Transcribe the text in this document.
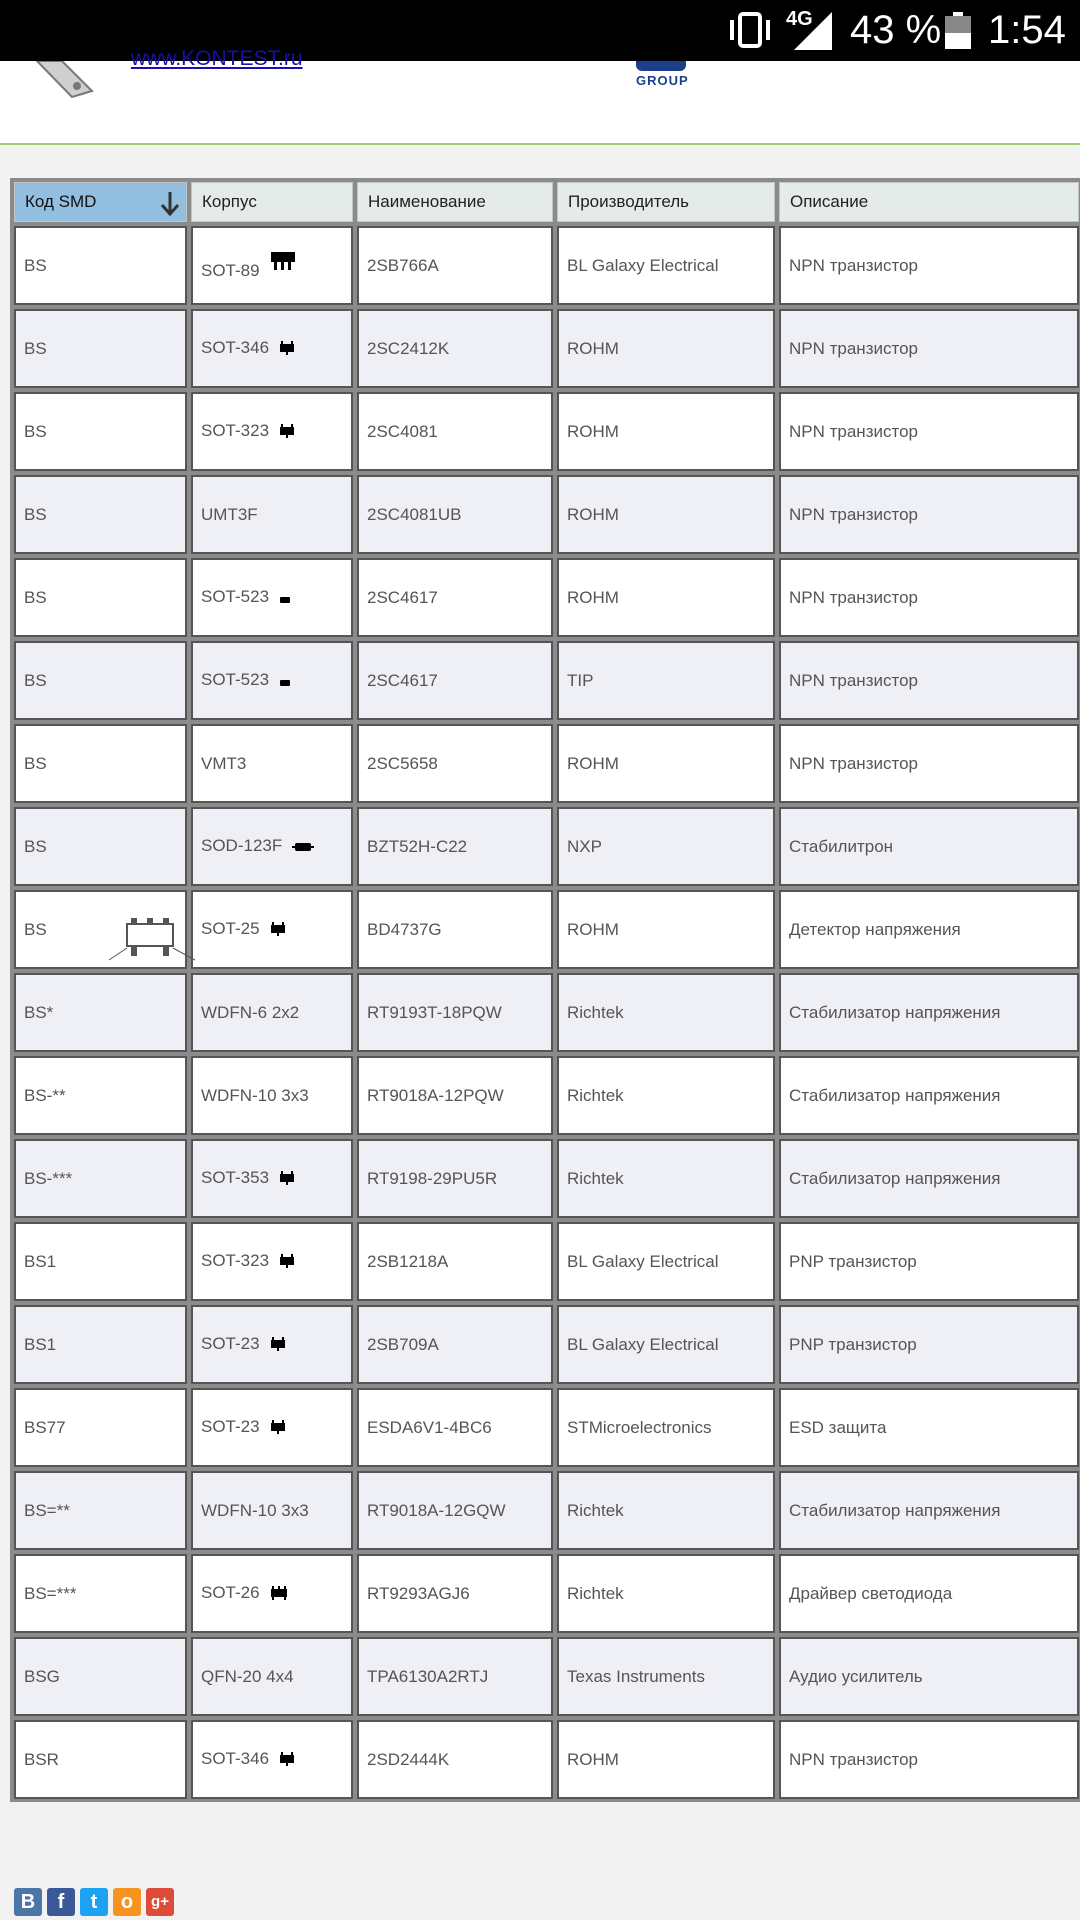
4G 43 % 1:54
www.KONTEST.ru
GROUP
Код SMD	Корпус	Наименование	Производитель	Описание
BS	SOT-89	2SB766A	BL Galaxy Electrical	NPN транзистор
BS	SOT-346	2SC2412K	ROHM	NPN транзистор
BS	SOT-323	2SC4081	ROHM	NPN транзистор
BS	UMT3F	2SC4081UB	ROHM	NPN транзистор
BS	SOT-523	2SC4617	ROHM	NPN транзистор
BS	SOT-523	2SC4617	TIP	NPN транзистор
BS	VMT3	2SC5658	ROHM	NPN транзистор
BS	SOD-123F	BZT52H-C22	NXP	Стабилитрон
BS	SOT-25	BD4737G	ROHM	Детектор напряжения
BS*	WDFN-6 2x2	RT9193T-18PQW	Richtek	Стабилизатор напряжения
BS-**	WDFN-10 3x3	RT9018A-12PQW	Richtek	Стабилизатор напряжения
BS-***	SOT-353	RT9198-29PU5R	Richtek	Стабилизатор напряжения
BS1	SOT-323	2SB1218A	BL Galaxy Electrical	PNP транзистор
BS1	SOT-23	2SB709A	BL Galaxy Electrical	PNP транзистор
BS77	SOT-23	ESDA6V1-4BC6	STMicroelectronics	ESD защита
BS=**	WDFN-10 3x3	RT9018A-12GQW	Richtek	Стабилизатор напряжения
BS=***	SOT-26	RT9293AGJ6	Richtek	Драйвер светодиода
BSG	QFN-20 4x4	TPA6130A2RTJ	Texas Instruments	Аудио усилитель
BSR	SOT-346	2SD2444K	ROHM	NPN транзистор
В	f	t	о	g+
